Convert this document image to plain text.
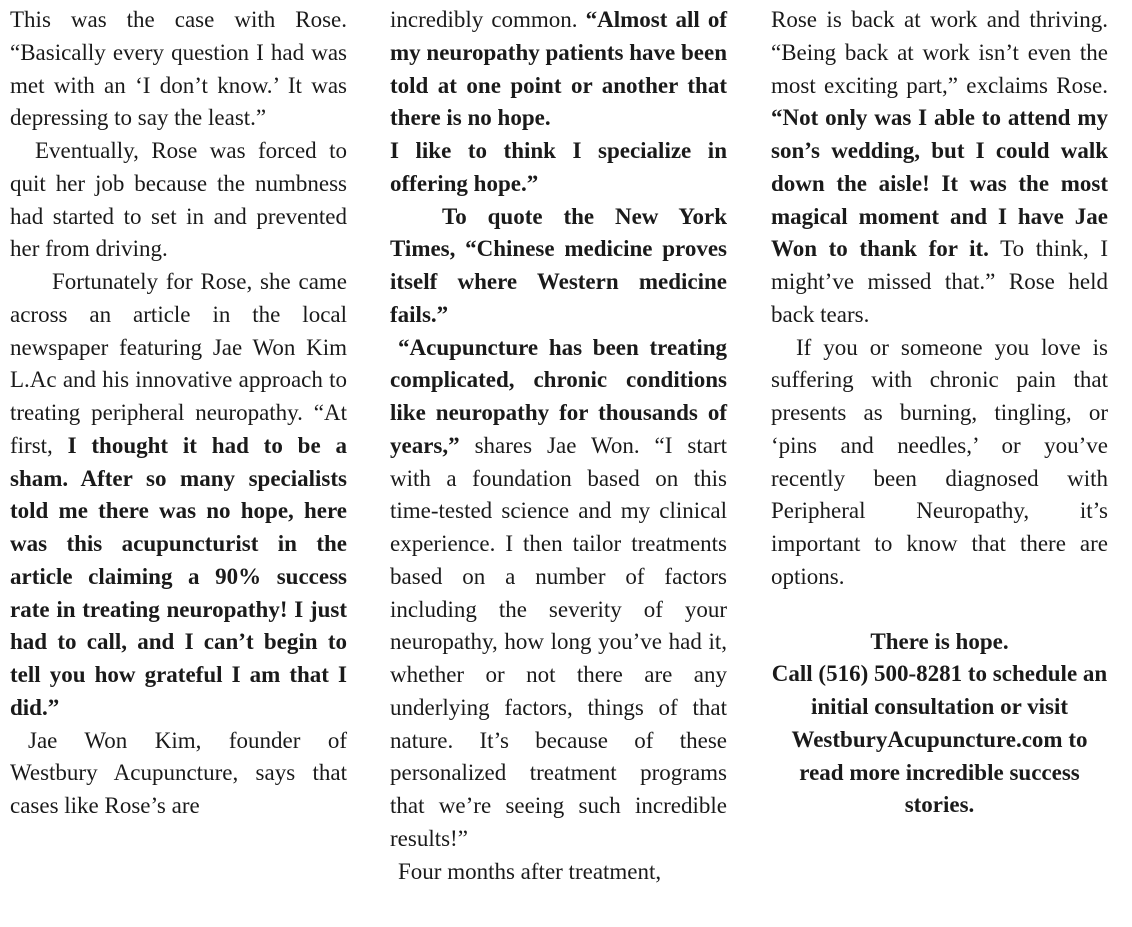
This was the case with Rose. “Basically every question I had was met with an ‘I don’t know.’ It was depressing to say the least.”

Eventually, Rose was forced to quit her job because the numbness had started to set in and prevented her from driving.

Fortunately for Rose, she came across an article in the local newspaper featuring Jae Won Kim L.Ac and his innovative approach to treating peripheral neuropathy. “At first, I thought it had to be a sham. After so many specialists told me there was no hope, here was this acupuncturist in the article claiming a 90% success rate in treating neuropathy! I just had to call, and I can’t begin to tell you how grateful I am that I did.”

Jae Won Kim, founder of Westbury Acupuncture, says that cases like Rose’s are

incredibly common. “Almost all of my neuropathy patients have been told at one point or another that there is no hope.

I like to think I specialize in offering hope.”

To quote the New York Times, “Chinese medicine proves itself where Western medicine fails.”

“Acupuncture has been treating complicated, chronic conditions like neuropathy for thousands of years,” shares Jae Won. “I start with a foundation based on this time-tested science and my clinical experience. I then tailor treatments based on a number of factors including the severity of your neuropathy, how long you’ve had it, whether or not there are any underlying factors, things of that nature. It’s because of these personalized treatment programs that we’re seeing such incredible results!”

Four months after treatment,

Rose is back at work and thriving. “Being back at work isn’t even the most exciting part,” exclaims Rose. “Not only was I able to attend my son’s wedding, but I could walk down the aisle! It was the most magical moment and I have Jae Won to thank for it. To think, I might’ve missed that.” Rose held back tears.

If you or someone you love is suffering with chronic pain that presents as burning, tingling, or ‘pins and needles,’ or you’ve recently been diagnosed with Peripheral Neuropathy, it’s important to know that there are options.

There is hope.

Call (516) 500-8281 to schedule an initial consultation or visit WestburyAcupuncture.com to read more incredible success stories.
